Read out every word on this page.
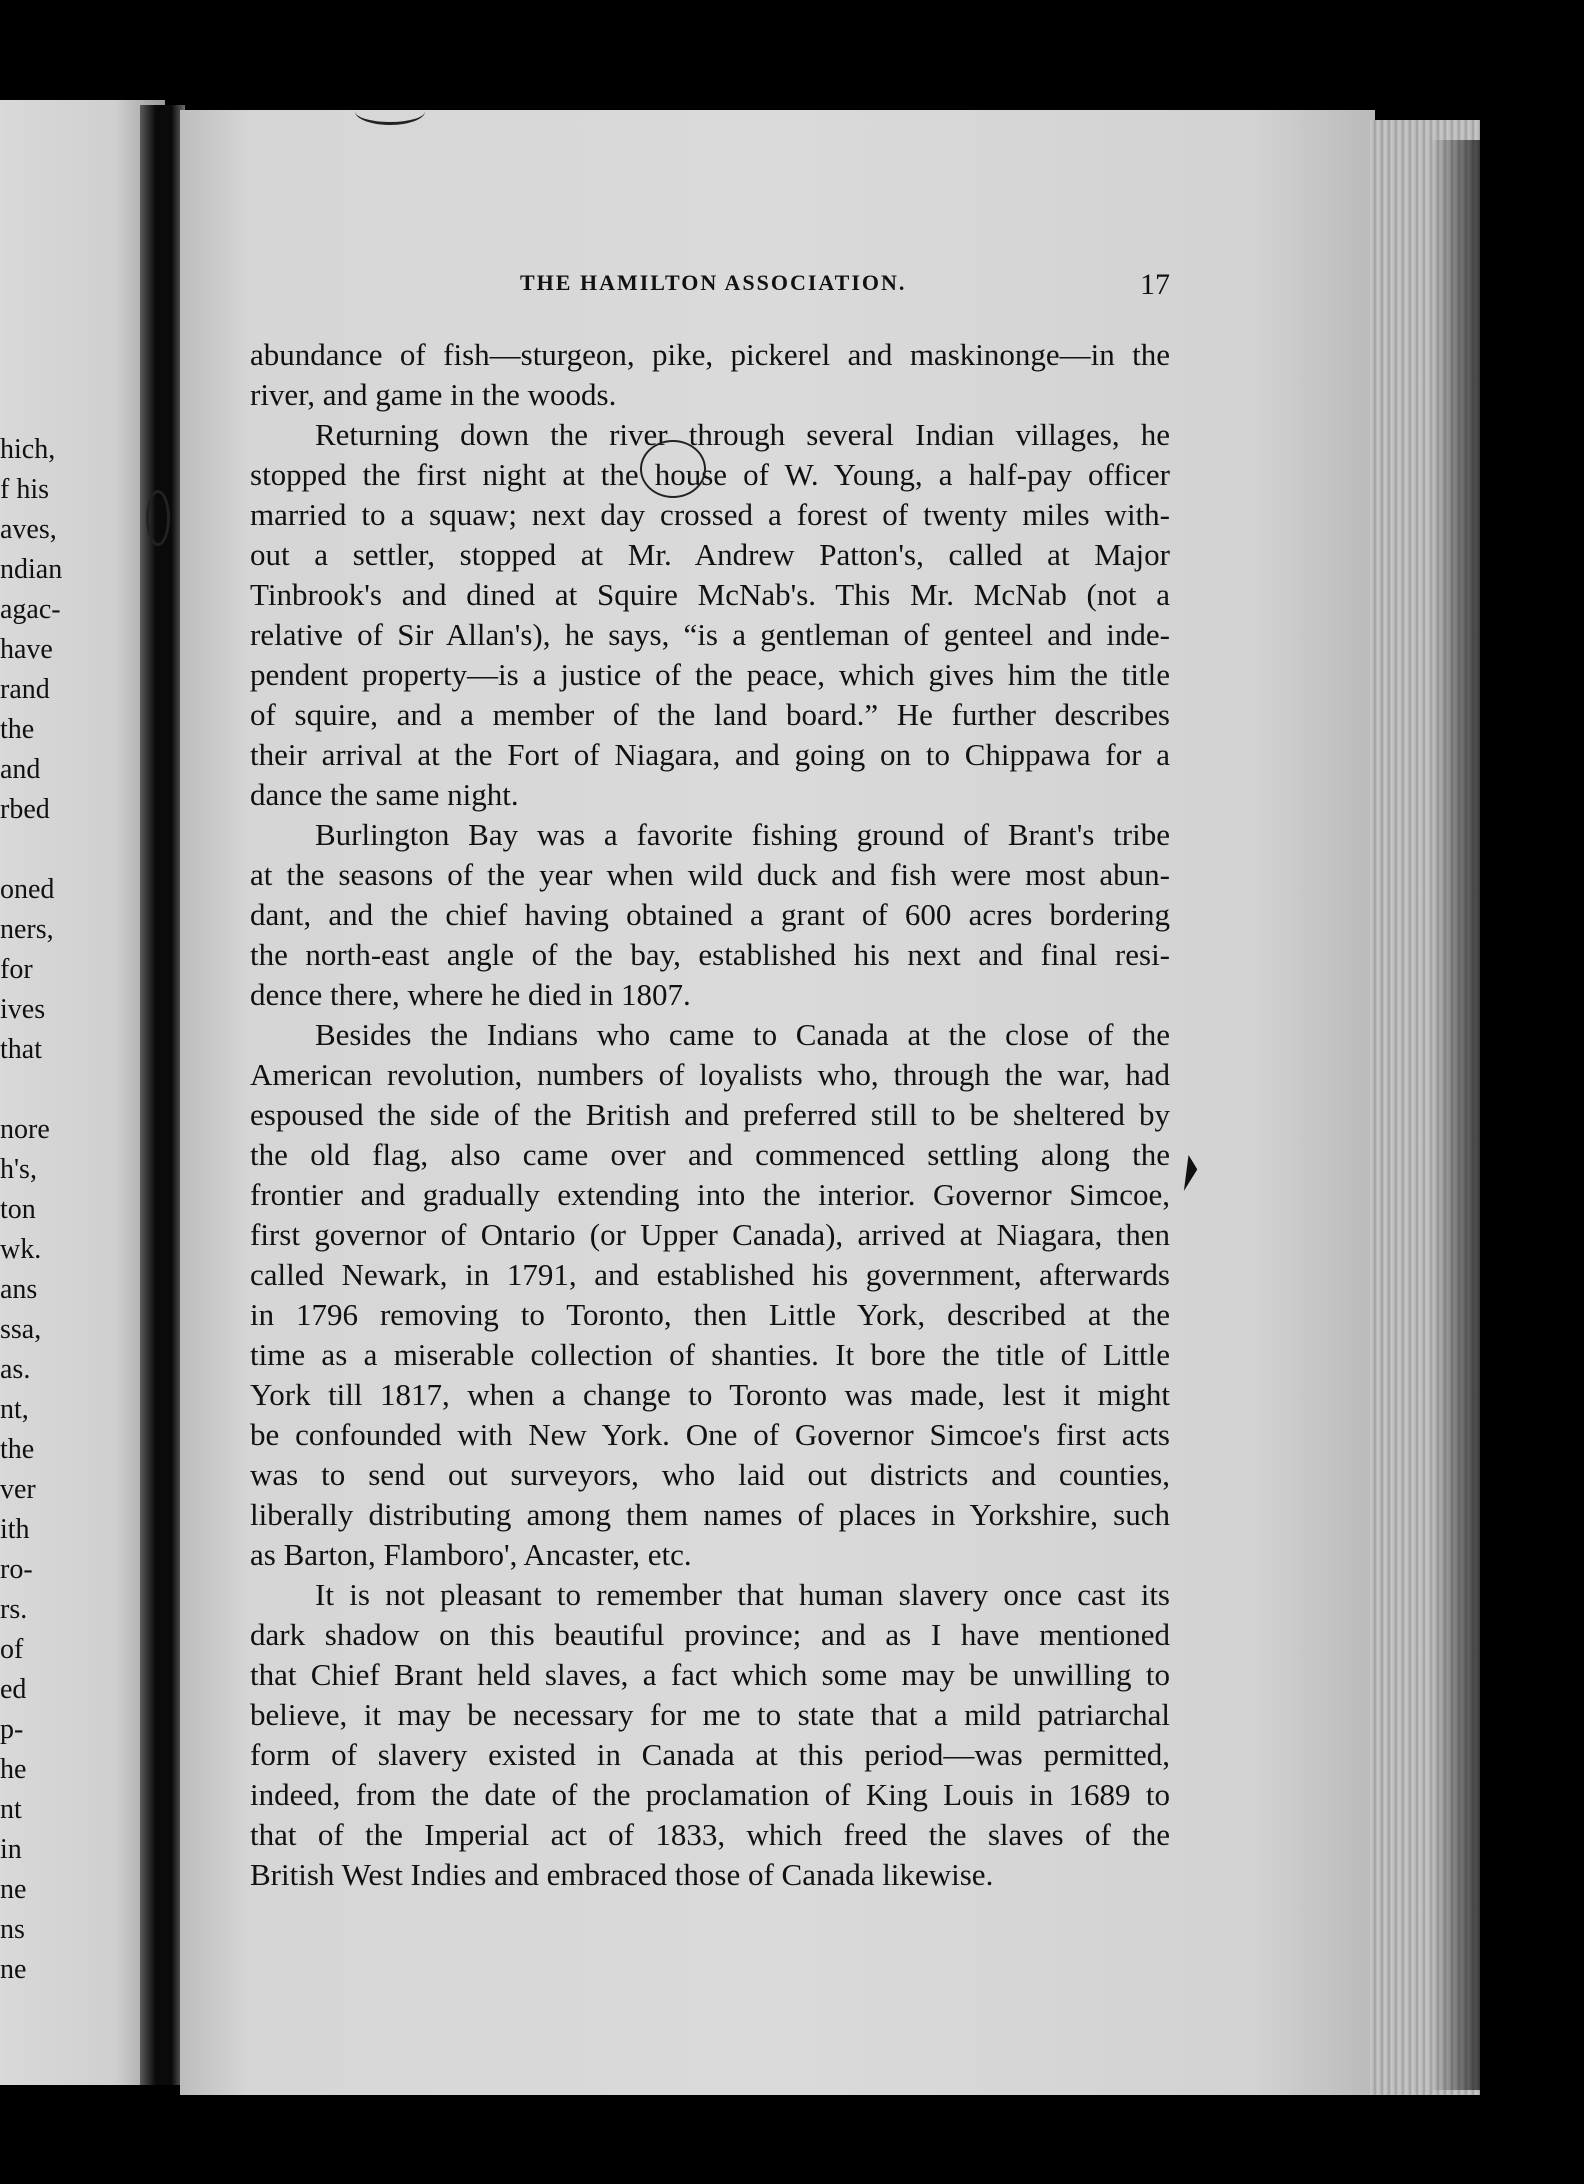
hich,
f his
aves,
ndian
agac-
have
rand
the
and
rbed
oned
ners,
for
ives
that
nore
h's,
ton
wk.
ans
ssa,
as.
nt,
the
ver
ith
ro-
rs.
of
ed
p-
he
nt
in
ne
ns
ne
THE HAMILTON ASSOCIATION.	17
abundance of fish—sturgeon, pike, pickerel and maskinonge—in the
river, and game in the woods.
Returning down the river through several Indian villages, he
stopped the first night at the house of W. Young, a half-pay officer
married to a squaw; next day crossed a forest of twenty miles with-
out a settler, stopped at Mr. Andrew Patton's, called at Major
Tinbrook's and dined at Squire McNab's. This Mr. McNab (not a
relative of Sir Allan's), he says, “is a gentleman of genteel and inde-
pendent property—is a justice of the peace, which gives him the title
of squire, and a member of the land board.” He further describes
their arrival at the Fort of Niagara, and going on to Chippawa for a
dance the same night.
Burlington Bay was a favorite fishing ground of Brant's tribe
at the seasons of the year when wild duck and fish were most abun-
dant, and the chief having obtained a grant of 600 acres bordering
the north-east angle of the bay, established his next and final resi-
dence there, where he died in 1807.
Besides the Indians who came to Canada at the close of the
American revolution, numbers of loyalists who, through the war, had
espoused the side of the British and preferred still to be sheltered by
the old flag, also came over and commenced settling along the
frontier and gradually extending into the interior. Governor Simcoe,
first governor of Ontario (or Upper Canada), arrived at Niagara, then
called Newark, in 1791, and established his government, afterwards
in 1796 removing to Toronto, then Little York, described at the
time as a miserable collection of shanties. It bore the title of Little
York till 1817, when a change to Toronto was made, lest it might
be confounded with New York. One of Governor Simcoe's first acts
was to send out surveyors, who laid out districts and counties,
liberally distributing among them names of places in Yorkshire, such
as Barton, Flamboro', Ancaster, etc.
It is not pleasant to remember that human slavery once cast its
dark shadow on this beautiful province; and as I have mentioned
that Chief Brant held slaves, a fact which some may be unwilling to
believe, it may be necessary for me to state that a mild patriarchal
form of slavery existed in Canada at this period—was permitted,
indeed, from the date of the proclamation of King Louis in 1689 to
that of the Imperial act of 1833, which freed the slaves of the
British West Indies and embraced those of Canada likewise.
